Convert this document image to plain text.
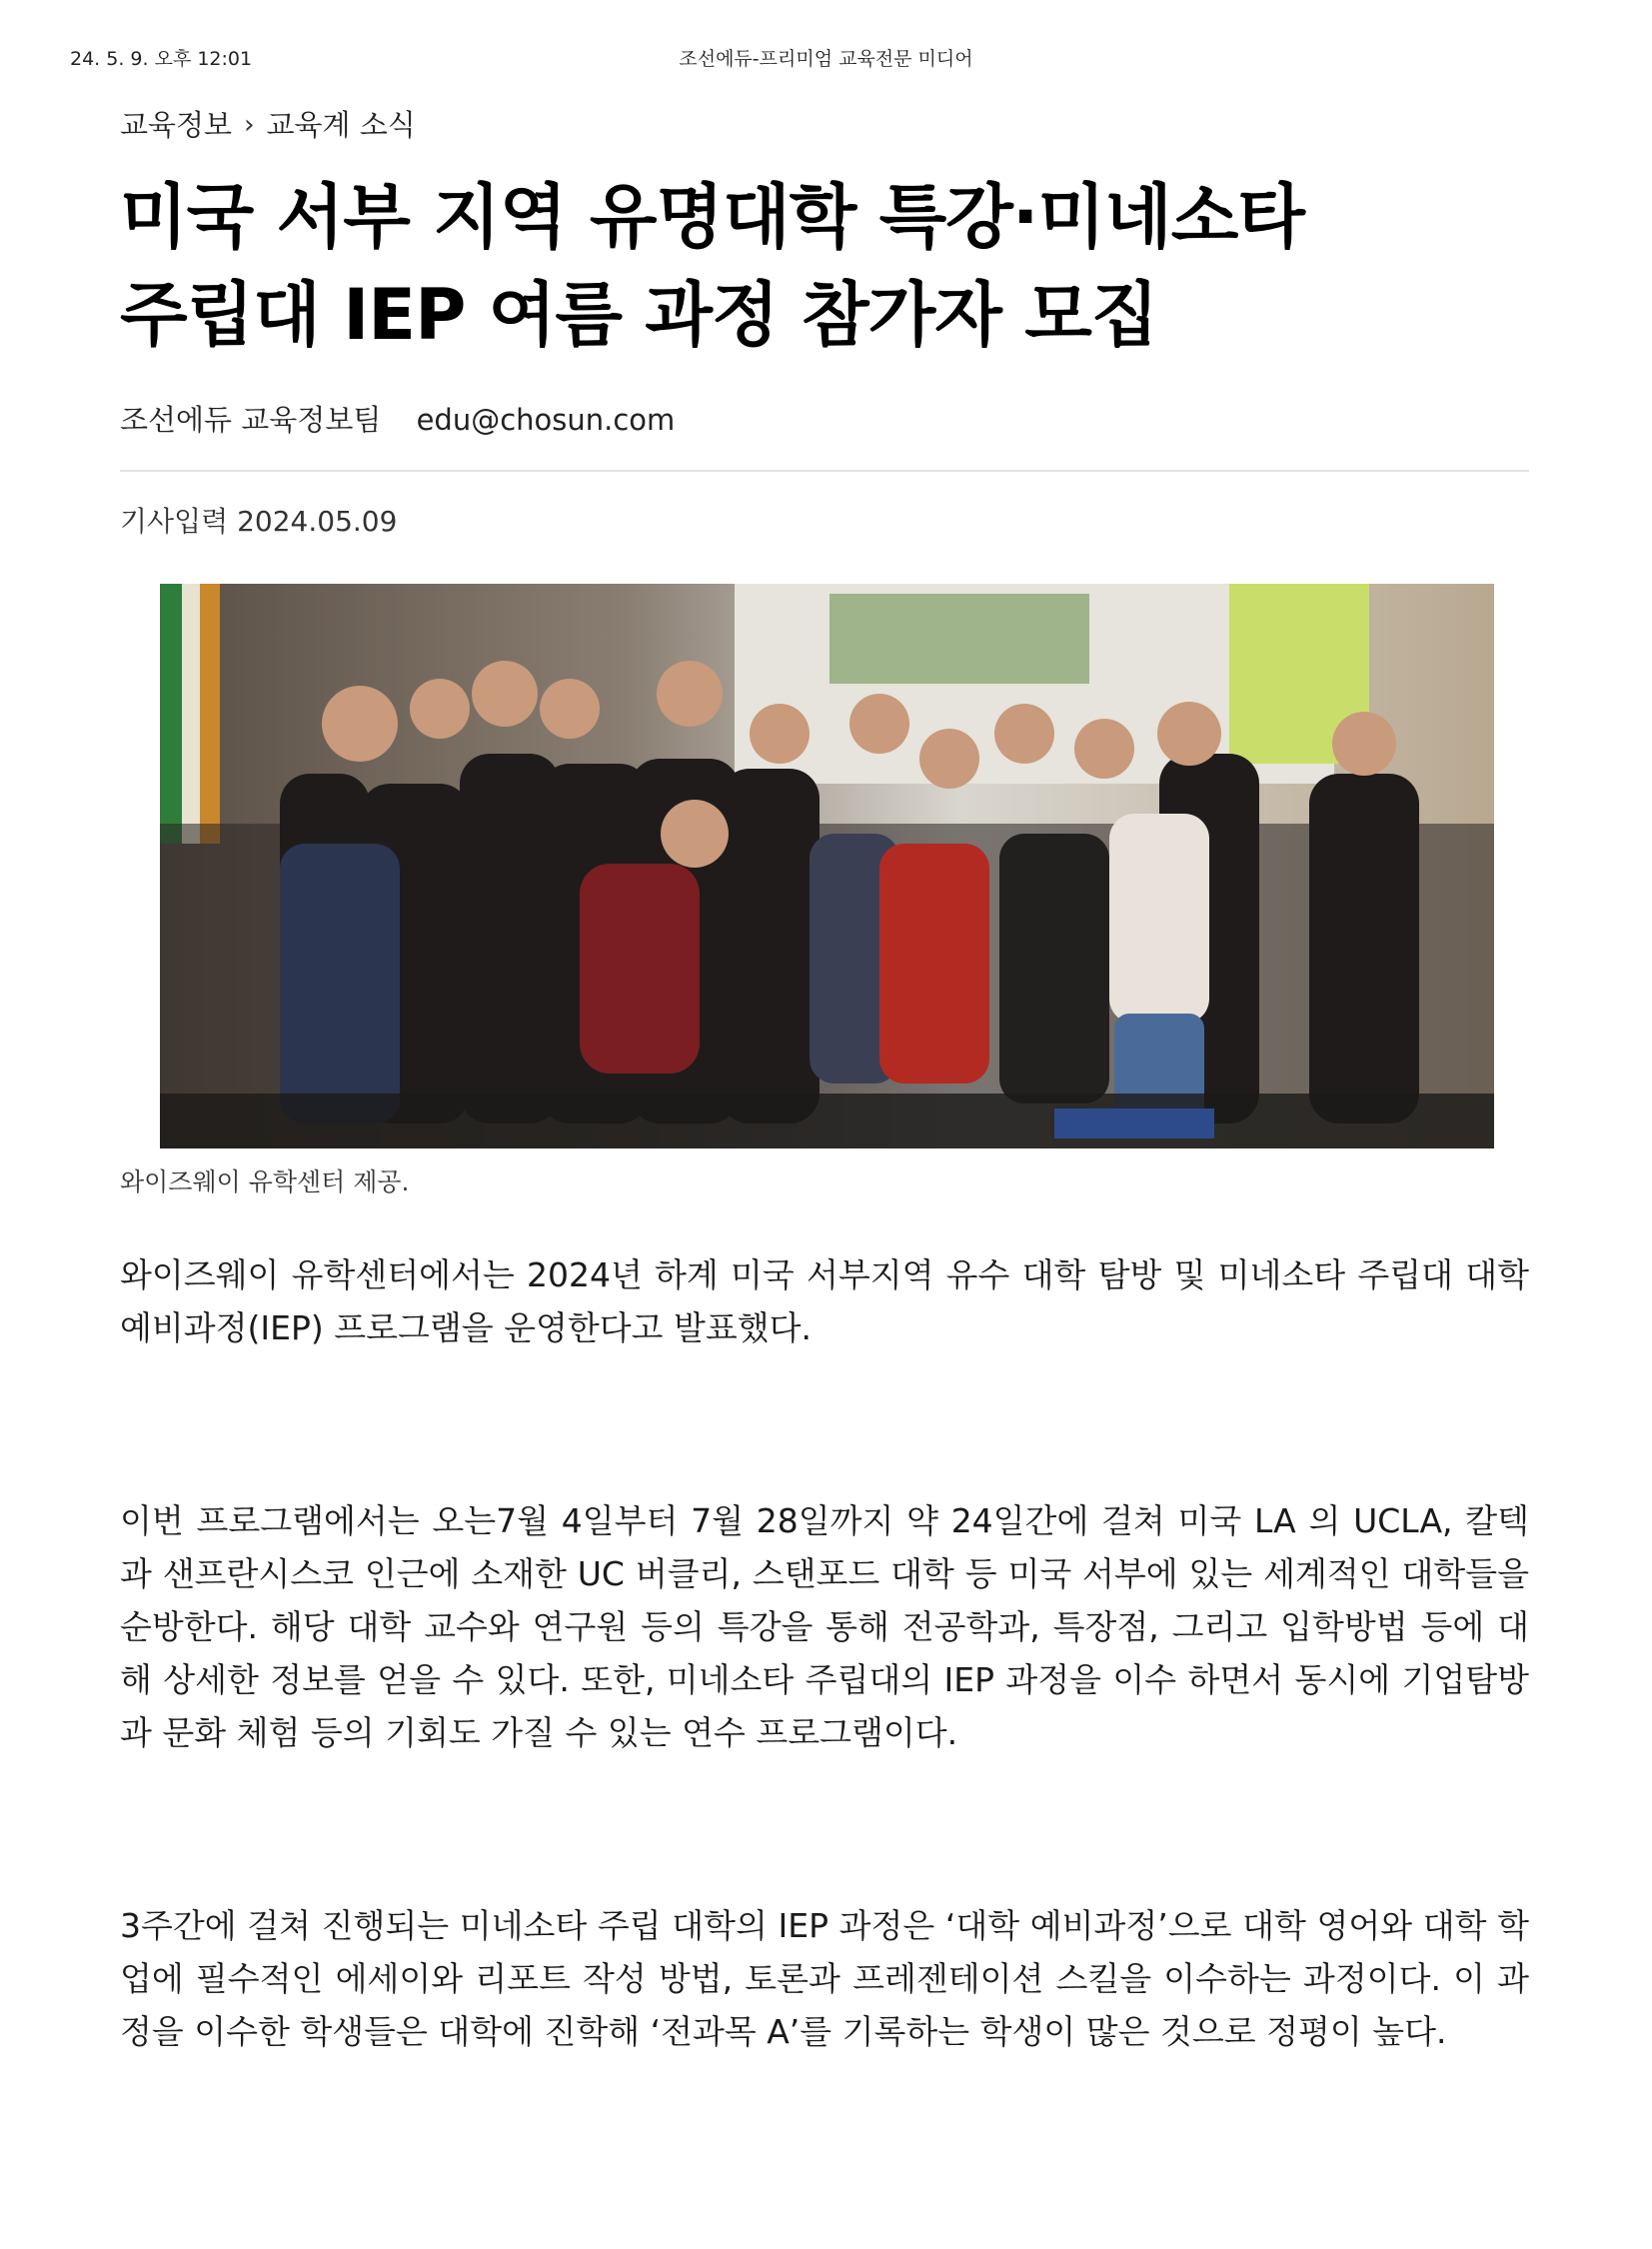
24. 5. 9. 오후 12:01	조선에듀-프리미엄 교육전문 미디어
교육정보 › 교육계 소식
미국 서부 지역 유명대학 특강·미네소타
주립대 IEP 여름 과정 참가자 모집
조선에듀 교육정보팀 edu@chosun.com
기사입력 2024.05.09
와이즈웨이 유학센터 제공.

와이즈웨이 유학센터에서는 2024년 하계 미국 서부지역 유수 대학 탐방 및 미네소타 주립대 대학 예비과정(IEP) 프로그램을 운영한다고 발표했다.

이번 프로그램에서는 오는7월 4일부터 7월 28일까지 약 24일간에 걸쳐 미국 LA 의 UCLA, 칼텍과 샌프란시스코 인근에 소재한 UC 버클리, 스탠포드 대학 등 미국 서부에 있는 세계적인 대학들을 순방한다. 해당 대학 교수와 연구원 등의 특강을 통해 전공학과, 특장점, 그리고 입학방법 등에 대해 상세한 정보를 얻을 수 있다. 또한, 미네소타 주립대의 IEP 과정을 이수 하면서 동시에 기업탐방과 문화 체험 등의 기회도 가질 수 있는 연수 프로그램이다.

3주간에 걸쳐 진행되는 미네소타 주립 대학의 IEP 과정은 ‘대학 예비과정’으로 대학 영어와 대학 학업에 필수적인 에세이와 리포트 작성 방법, 토론과 프레젠테이션 스킬을 이수하는 과정이다. 이 과정을 이수한 학생들은 대학에 진학해 ‘전과목 A’를 기록하는 학생이 많은 것으로 정평이 높다.
